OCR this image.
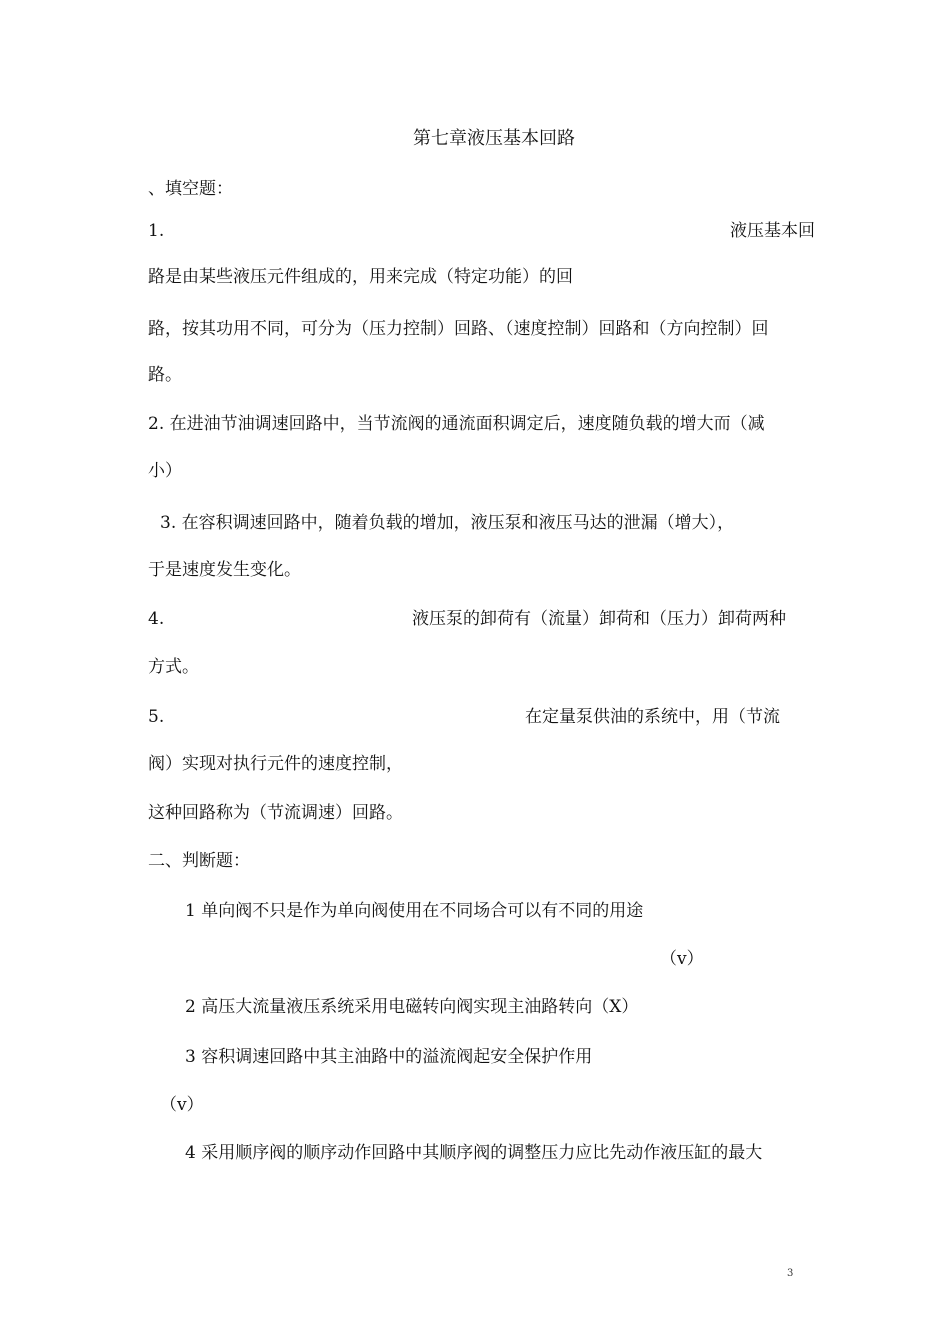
第七章液压基本回路

、填空题：

1.	液压基本回

路是由某些液压元件组成的，用来完成（特定功能）的回

路，按其功用不同，可分为（压力控制）回路、（速度控制）回路和（方向控制）回

路。

2. 在进油节油调速回路中，当节流阀的通流面积调定后，速度随负载的增大而（减

小）

3. 在容积调速回路中，随着负载的增加，液压泵和液压马达的泄漏（增大），

于是速度发生变化。

4.	液压泵的卸荷有（流量）卸荷和（压力）卸荷两种

方式。

5.	在定量泵供油的系统中，用（节流

阀）实现对执行元件的速度控制，

这种回路称为（节流调速）回路。

二、判断题：

1 单向阀不只是作为单向阀使用在不同场合可以有不同的用途

（v）

2 高压大流量液压系统采用电磁转向阀实现主油路转向（X）

3 容积调速回路中其主油路中的溢流阀起安全保护作用

（v）

4 采用顺序阀的顺序动作回路中其顺序阀的调整压力应比先动作液压缸的最大

3
